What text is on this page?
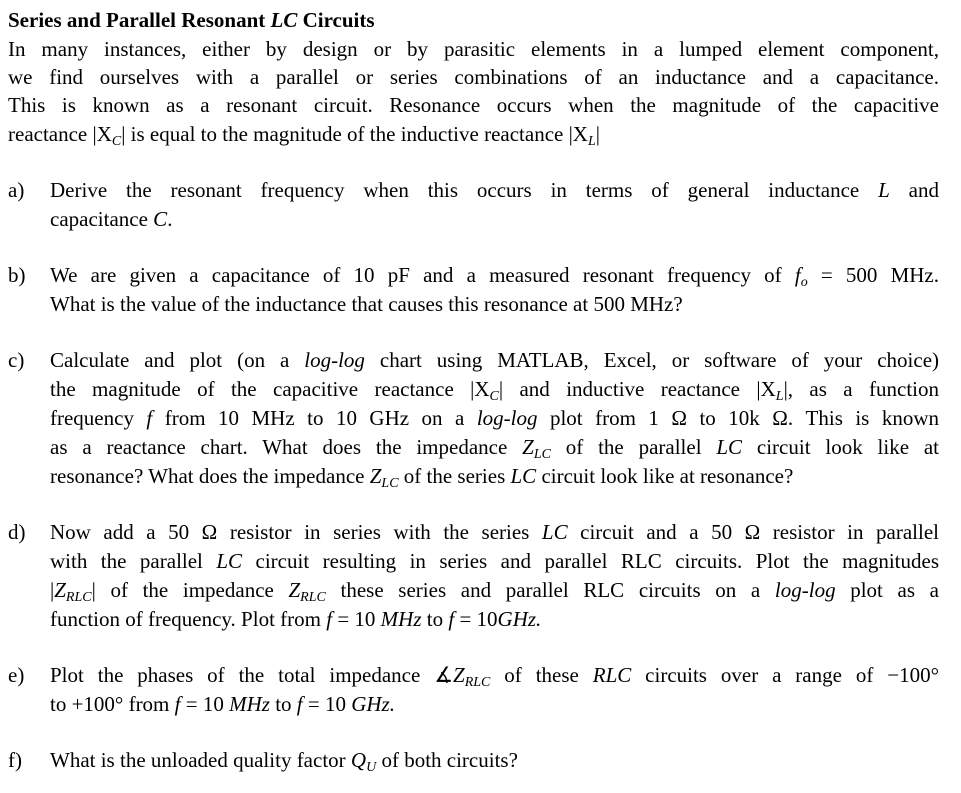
Series and Parallel Resonant LC Circuits
In many instances, either by design or by parasitic elements in a lumped element component,
we find ourselves with a parallel or series combinations of an inductance and a capacitance.
This is known as a resonant circuit. Resonance occurs when the magnitude of the capacitive
reactance $|X_C|$ is equal to the magnitude of the inductive reactance $|X_L|$
a) Derive the resonant frequency when this occurs in terms of general inductance L and
capacitance C.
b) We are given a capacitance of 10 pF and a measured resonant frequency of $f_o = 500$ MHz.
What is the value of the inductance that causes this resonance at 500 MHz?
c) Calculate and plot (on a log-log chart using MATLAB, Excel, or software of your choice)
the magnitude of the capacitive reactance $|X_C|$ and inductive reactance $|X_L|$, as a function
frequency f from 10 MHz to 10 GHz on a log-log plot from 1 Ω to 10k Ω. This is known
as a reactance chart. What does the impedance $Z_{LC}$ of the parallel LC circuit look like at
resonance? What does the impedance $Z_{LC}$ of the series LC circuit look like at resonance?
d) Now add a 50 Ω resistor in series with the series LC circuit and a 50 Ω resistor in parallel
with the parallel LC circuit resulting in series and parallel RLC circuits. Plot the magnitudes
$|Z_{RLC}|$ of the impedance $Z_{RLC}$ these series and parallel RLC circuits on a log-log plot as a
function of frequency. Plot from f = 10 MHz to f = 10GHz.
e) Plot the phases of the total impedance $∡Z_{RLC}$ of these RLC circuits over a range of −100°
to +100° from f = 10 MHz to f = 10 GHz.
f) What is the unloaded quality factor $Q_U$ of both circuits?
